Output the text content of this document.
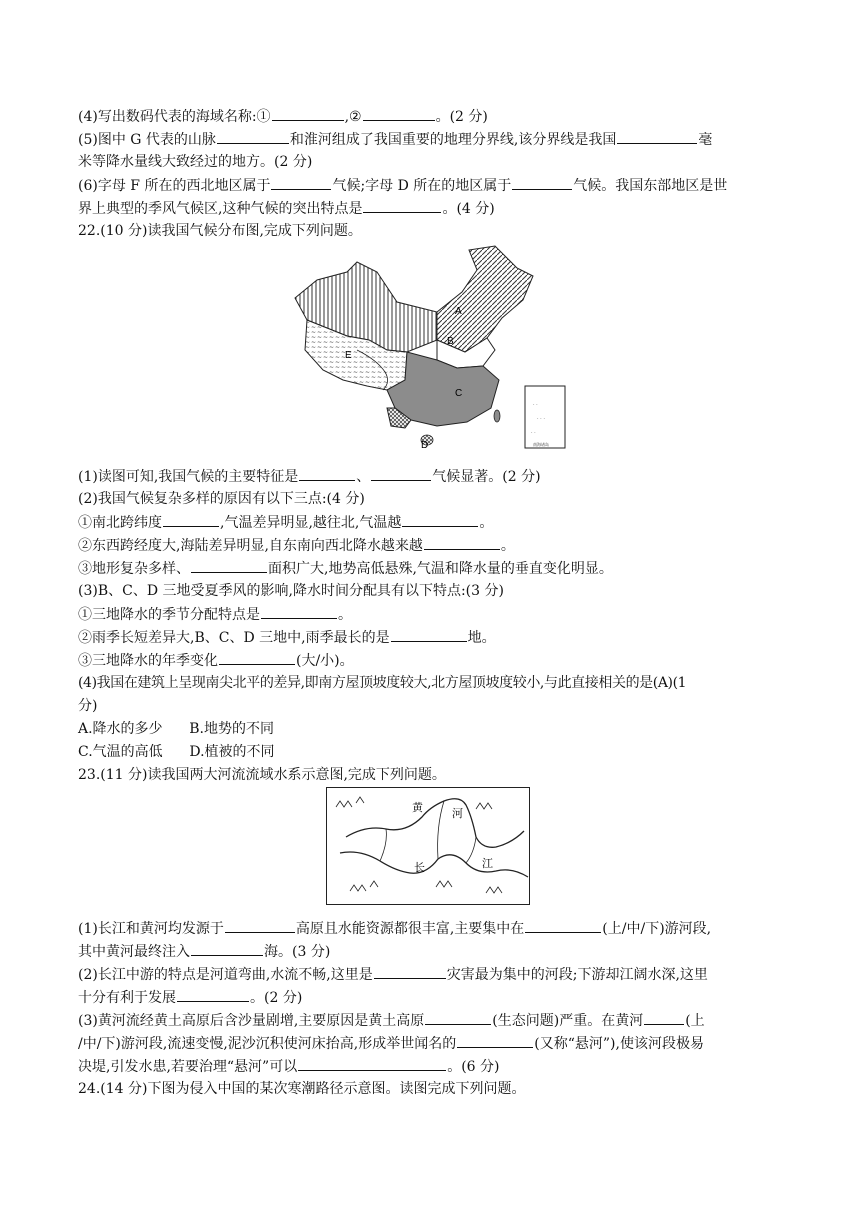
(4)写出数码代表的海域名称:①	,②	。(2 分)
(5)图中 G 代表的山脉	和淮河组成了我国重要的地理分界线,该分界线是我国	毫
米等降水量线大致经过的地方。(2 分)
(6)字母 F 所在的西北地区属于	气候;字母 D 所在的地区属于	气候。我国东部地区是世
界上典型的季风气候区,这种气候的突出特点是	。(4 分)
22.(10 分)读我国气候分布图,完成下列问题。
· ·
· · ·
· ·
南海诸岛
A
B
C
D
E
(1)读图可知,我国气候的主要特征是	、	气候显著。(2 分)
(2)我国气候复杂多样的原因有以下三点:(4 分)
①南北跨纬度	,气温差异明显,越往北,气温越	。
②东西跨经度大,海陆差异明显,自东南向西北降水越来越	。
③地形复杂多样、	面积广大,地势高低悬殊,气温和降水量的垂直变化明显。
(3)B、C、D 三地受夏季风的影响,降水时间分配具有以下特点:(3 分)
①三地降水的季节分配特点是	。
②雨季长短差异大,B、C、D 三地中,雨季最长的是	地。
③三地降水的年季变化	(大/小)。
(4)我国在建筑上呈现南尖北平的差异,即南方屋顶坡度较大,北方屋顶坡度较小,与此直接相关的是(A)(1
分)
A.降水的多少      B.地势的不同
C.气温的高低      D.植被的不同
23.(11 分)读我国两大河流流域水系示意图,完成下列问题。
黄	河
长	江
(1)长江和黄河均发源于	高原且水能资源都很丰富,主要集中在	(上/中/下)游河段,
其中黄河最终注入	海。(3 分)
(2)长江中游的特点是河道弯曲,水流不畅,这里是	灾害最为集中的河段;下游却江阔水深,这里
十分有利于发展	。(2 分)
(3)黄河流经黄土高原后含沙量剧增,主要原因是黄土高原	(生态问题)严重。在黄河	(上
/中/下)游河段,流速变慢,泥沙沉积使河床抬高,形成举世闻名的	(又称“悬河”),使该河段极易
决堤,引发水患,若要治理“悬河”可以	。(6 分)
24.(14 分)下图为侵入中国的某次寒潮路径示意图。读图完成下列问题。
